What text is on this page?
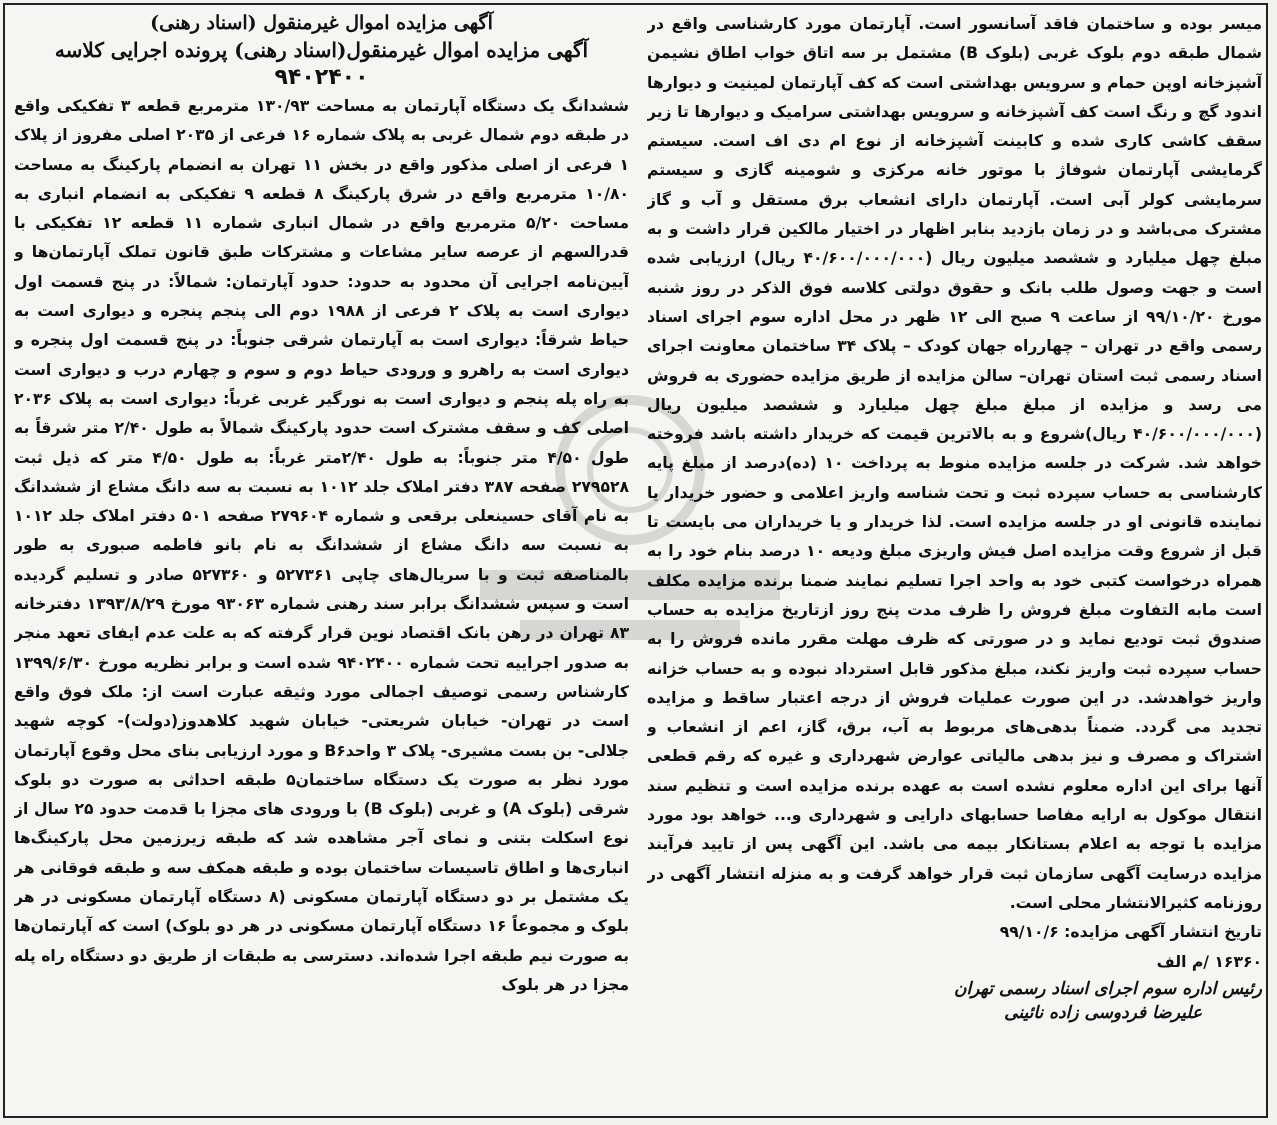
آگهی مزایده اموال غیرمنقول (اسناد رهنی)

آگهی مزایده اموال غیرمنقول(اسناد رهنی) پرونده اجرایی کلاسه

۹۴۰۲۴۰۰

ششدانگ یک دستگاه آپارتمان به مساحت ۱۳۰/۹۳ مترمربع قطعه ۳ تفکیکی واقع در طبقه دوم شمال غربی به پلاک شماره ۱۶ فرعی از ۲۰۳۵ اصلی مفروز از پلاک ۱ فرعی از اصلی مذکور واقع در بخش ۱۱ تهران به انضمام پارکینگ به مساحت ۱۰/۸۰ مترمربع واقع در شرق پارکینگ ۸ قطعه ۹ تفکیکی به انضمام انباری به مساحت ۵/۲۰ مترمربع واقع در شمال انباری شماره ۱۱ قطعه ۱۲ تفکیکی با قدرالسهم از عرصه سایر مشاعات و مشترکات طبق قانون تملک آپارتمان‌ها و آیین‌نامه اجرایی آن محدود به حدود: حدود آپارتمان: شمالاً: در پنج قسمت اول دیواری است به پلاک ۲ فرعی از ۱۹۸۸ دوم الی پنجم پنجره و دیواری است به حیاط شرقاً: دیواری است به آپارتمان شرقی جنوباً: در پنج قسمت اول پنجره و دیواری است به راهرو و ورودی حیاط دوم و سوم و چهارم درب و دیواری است به راه پله پنجم و دیواری است به نورگیر غربی غرباً: دیواری است به پلاک ۲۰۳۶ اصلی کف و سقف مشترک است حدود پارکینگ شمالاً به طول ۲/۴۰ متر شرقاً به طول ۴/۵۰ متر جنوباً: به طول ۲/۴۰متر غرباً: به طول ۴/۵۰ متر که ذیل ثبت ۲۷۹۵۲۸ صفحه ۳۸۷ دفتر املاک جلد ۱۰۱۲ به نسبت به سه دانگ مشاع از ششدانگ به نام آقای حسینعلی برقعی و شماره ۲۷۹۶۰۴ صفحه ۵۰۱ دفتر املاک جلد ۱۰۱۲ به نسبت سه دانگ مشاع از ششدانگ به نام بانو فاطمه صبوری به طور بالمناصفه ثبت و با سریال‌های چاپی ۵۲۷۳۶۱ و ۵۲۷۳۶۰ صادر و تسلیم گردیده است و سپس ششدانگ برابر سند رهنی شماره ۹۳۰۶۳ مورخ ۱۳۹۳/۸/۲۹ دفترخانه ۸۳ تهران در رهن بانک اقتصاد نوین قرار گرفته که به علت عدم ایفای تعهد منجر به صدور اجراییه تحت شماره ۹۴۰۲۴۰۰ شده است و برابر نظریه مورخ ۱۳۹۹/۶/۳۰ کارشناس رسمی توصیف اجمالی مورد وثیقه عبارت است از: ملک فوق واقع است در تهران- خیابان شریعتی- خیابان شهید کلاهدوز(دولت)- کوچه شهید جلالی- بن بست مشیری- پلاک ۳ واحدB۶ و مورد ارزیابی بنای محل وقوع آپارتمان مورد نظر به صورت یک دستگاه ساختمان۵ طبقه احداثی به صورت دو بلوک شرقی (بلوک A) و غربی (بلوک B) با ورودی های مجزا با قدمت حدود ۲۵ سال از نوع اسکلت بتنی و نمای آجر مشاهده شد که طبقه زیرزمین محل پارکینگ‌ها انباری‌ها و اطاق تاسیسات ساختمان بوده و طبقه همکف سه و طبقه فوقانی هر یک مشتمل بر دو دستگاه آپارتمان مسکونی (۸ دستگاه آپارتمان مسکونی در هر بلوک و مجموعاً ۱۶ دستگاه آپارتمان مسکونی در هر دو بلوک) است که آپارتمان‌ها به صورت نیم طبقه اجرا شده‌اند. دسترسی به طبقات از طریق دو دستگاه راه پله مجزا در هر بلوک

میسر بوده و ساختمان فاقد آسانسور است. آپارتمان مورد کارشناسی واقع در شمال طبقه دوم بلوک غربی (بلوک B) مشتمل بر سه اتاق خواب اطاق نشیمن آشپزخانه اوپن حمام و سرویس بهداشتی است که کف آپارتمان لمینیت و دیوارها اندود گچ و رنگ است کف آشپزخانه و سرویس بهداشتی سرامیک و دیوارها تا زیر سقف کاشی کاری شده و کابینت آشپزخانه از نوع ام دی اف است. سیستم گرمایشی آپارتمان شوفاژ با موتور خانه مرکزی و شومینه گازی و سیستم سرمایشی کولر آبی است. آپارتمان دارای انشعاب برق مستقل و آب و گاز مشترک می‌باشد و در زمان بازدید بنابر اظهار در اختیار مالکین قرار داشت و به مبلغ چهل میلیارد و ششصد میلیون ریال (۴۰/۶۰۰/۰۰۰/۰۰۰ ریال) ارزیابی شده است و جهت وصول طلب بانک و حقوق دولتی کلاسه فوق الذکر در روز شنبه مورخ ۹۹/۱۰/۲۰ از ساعت ۹ صبح الی ۱۲ ظهر در محل اداره سوم اجرای اسناد رسمی واقع در تهران – چهارراه جهان کودک – پلاک ۳۴ ساختمان معاونت اجرای اسناد رسمی ثبت استان تهران– سالن مزایده از طریق مزایده حضوری به فروش می رسد و مزایده از مبلغ مبلغ چهل میلیارد و ششصد میلیون ریال (۴۰/۶۰۰/۰۰۰/۰۰۰ ریال)شروع و به بالاترین قیمت که خریدار داشته باشد فروخته خواهد شد. شرکت در جلسه مزایده منوط به پرداخت ۱۰ (ده)درصد از مبلغ پایه کارشناسی به حساب سپرده ثبت و تحت شناسه واریز اعلامی و حضور خریدار یا نماینده قانونی او در جلسه مزایده است. لذا خریدار و یا خریداران می بایست تا قبل از شروع وقت مزایده اصل فیش واریزی مبلغ ودیعه ۱۰ درصد بنام خود را به همراه درخواست کتبی خود به واحد اجرا تسلیم نمایند ضمنا برنده مزایده مکلف است مابه التفاوت مبلغ فروش را ظرف مدت پنج روز ازتاریخ مزایده به حساب صندوق ثبت تودیع نماید و در صورتی که ظرف مهلت مقرر مانده فروش را به حساب سپرده ثبت واریز نکند، مبلغ مذکور قابل استرداد نبوده و به حساب خزانه واریز خواهدشد. در این صورت عملیات فروش از درجه اعتبار ساقط و مزایده تجدید می گردد. ضمناً بدهی‌های مربوط به آب، برق، گاز، اعم از انشعاب و اشتراک و مصرف و نیز بدهی مالیاتی عوارض شهرداری و غیره که رقم قطعی آنها برای این اداره معلوم نشده است به عهده برنده مزایده است و تنظیم سند انتقال موکول به ارایه مفاصا حسابهای دارایی و شهرداری و... خواهد بود مورد مزایده با توجه به اعلام بستانکار بیمه می باشد. این آگهی پس از تایید فرآیند مزایده درسایت آگهی سازمان ثبت قرار خواهد گرفت و به منزله انتشار آگهی در روزنامه کثیرالانتشار محلی است.

تاریخ انتشار آگهی مزایده: ۹۹/۱۰/۶

۱۶۳۶۰ /م الف

رئیس اداره سوم اجرای اسناد رسمی تهران

علیرضا فردوسی زاده نائینی
